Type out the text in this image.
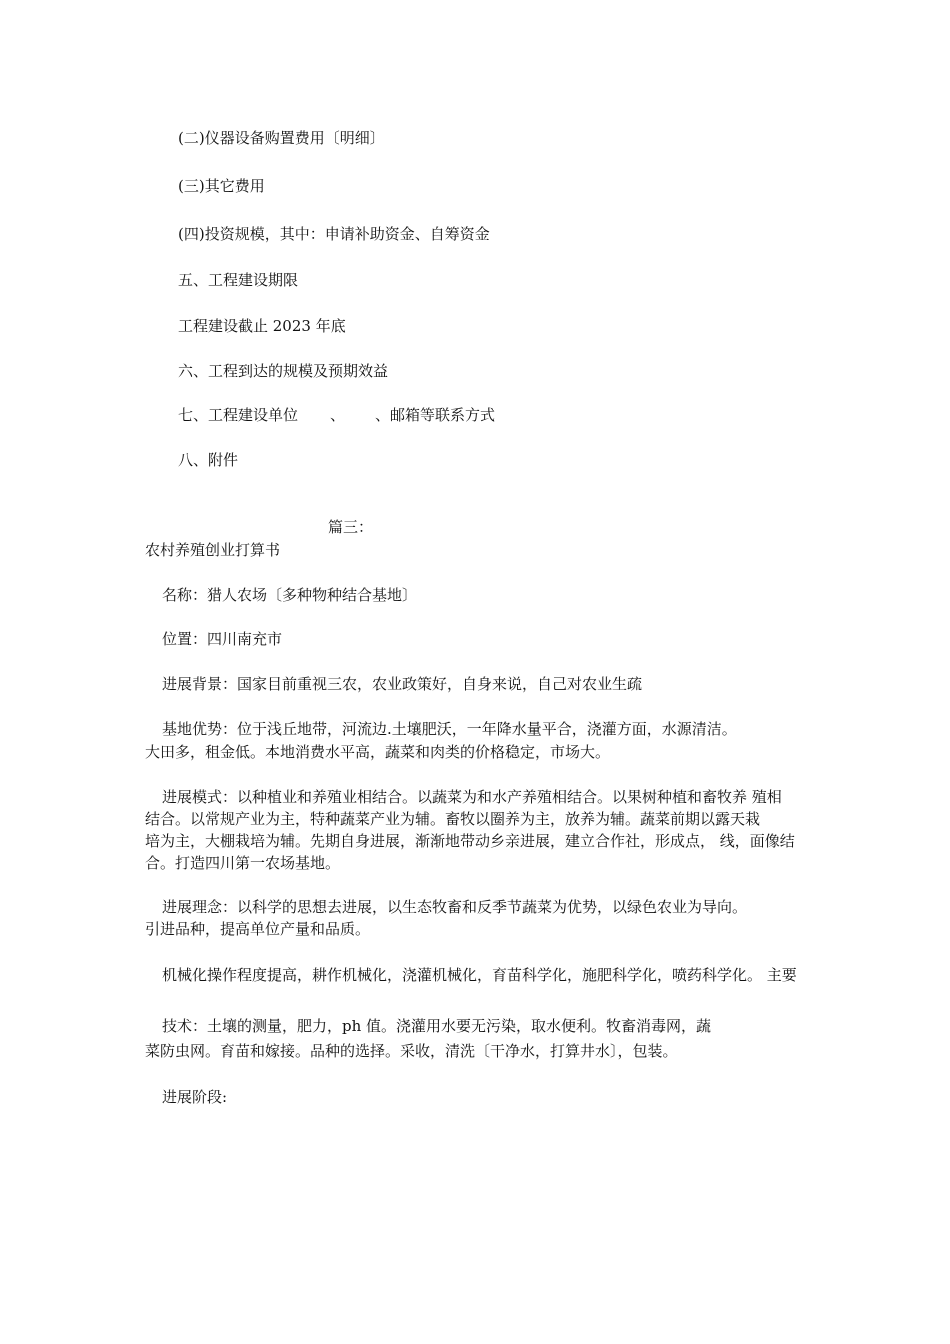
(二)仪器设备购置费用〔明细〕
(三)其它费用
(四)投资规模，其中：申请补助资金、自筹资金
五、工程建设期限
工程建设截止 2023 年底
六、工程到达的规模及预期效益
七、工程建设单位 、 、邮箱等联系方式
八、附件
篇三：
农村养殖创业打算书
名称：猎人农场〔多种物种结合基地〕
位置：四川南充市
进展背景：国家目前重视三农，农业政策好，自身来说，自己对农业生疏
基地优势：位于浅丘地带，河流边.土壤肥沃，一年降水量平合，浇灌方面，水源清洁。
大田多，租金低。本地消费水平高，蔬菜和肉类的价格稳定，市场大。
进展模式：以种植业和养殖业相结合。以蔬菜为和水产养殖相结合。以果树种植和畜牧养 殖相
结合。以常规产业为主，特种蔬菜产业为辅。畜牧以圈养为主，放养为辅。蔬菜前期以露天栽
培为主，大棚栽培为辅。先期自身进展，渐渐地带动乡亲进展，建立合作社，形成点， 线，面像结
合。打造四川第一农场基地。
进展理念：以科学的思想去进展，以生态牧畜和反季节蔬菜为优势，以绿色农业为导向。
引进品种，提高单位产量和品质。
机械化操作程度提高，耕作机械化，浇灌机械化，育苗科学化，施肥科学化，喷药科学化。 主要
技术：土壤的测量，肥力，ph 值。浇灌用水要无污染，取水便利。牧畜消毒网，蔬
菜防虫网。育苗和嫁接。品种的选择。采收，清洗〔干净水，打算井水〕，包装。
进展阶段:
